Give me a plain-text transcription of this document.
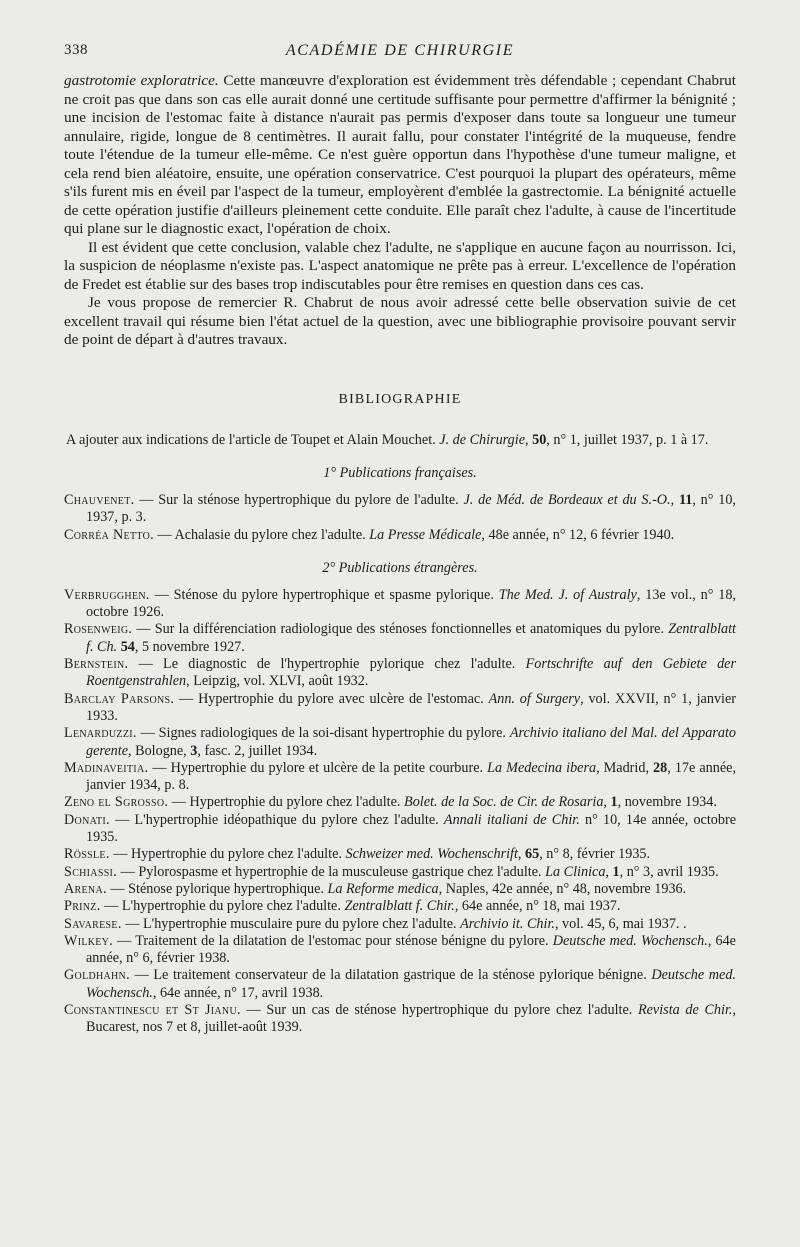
338	ACADÉMIE DE CHIRURGIE

gastrotomie exploratrice. Cette manœuvre d'exploration est évidemment très défendable ; cependant Chabrut ne croit pas que dans son cas elle aurait donné une certitude suffisante pour permettre d'affirmer la bénignité ; une incision de l'estomac faite à distance n'aurait pas permis d'exposer dans toute sa longueur une tumeur annulaire, rigide, longue de 8 centimètres. Il aurait fallu, pour constater l'intégrité de la muqueuse, fendre toute l'étendue de la tumeur elle-même. Ce n'est guère opportun dans l'hypothèse d'une tumeur maligne, et cela rend bien aléatoire, ensuite, une opération conservatrice. C'est pourquoi la plupart des opérateurs, même s'ils furent mis en éveil par l'aspect de la tumeur, employèrent d'emblée la gastrectomie. La bénignité actuelle de cette opération justifie d'ailleurs pleinement cette conduite. Elle paraît chez l'adulte, à cause de l'incertitude qui plane sur le diagnostic exact, l'opération de choix.

Il est évident que cette conclusion, valable chez l'adulte, ne s'applique en aucune façon au nourrisson. Ici, la suspicion de néoplasme n'existe pas. L'aspect anatomique ne prête pas à erreur. L'excellence de l'opération de Fredet est établie sur des bases trop indiscutables pour être remises en question dans ces cas.

Je vous propose de remercier R. Chabrut de nous avoir adressé cette belle observation suivie de cet excellent travail qui résume bien l'état actuel de la question, avec une bibliographie provisoire pouvant servir de point de départ à d'autres travaux.

BIBLIOGRAPHIE

A ajouter aux indications de l'article de Toupet et Alain Mouchet. J. de Chirurgie, 50, n° 1, juillet 1937, p. 1 à 17.

1° Publications françaises.

Chauvenet. — Sur la sténose hypertrophique du pylore de l'adulte. J. de Méd. de Bordeaux et du S.-O., 11, n° 10, 1937, p. 3.

Corréa Netto. — Achalasie du pylore chez l'adulte. La Presse Médicale, 48e année, n° 12, 6 février 1940.

2° Publications étrangères.

Verbrugghen. — Sténose du pylore hypertrophique et spasme pylorique. The Med. J. of Australy, 13e vol., n° 18, octobre 1926.

Rosenweig. — Sur la différenciation radiologique des sténoses fonctionnelles et anatomiques du pylore. Zentralblatt f. Ch. 54, 5 novembre 1927.

Bernstein. — Le diagnostic de l'hypertrophie pylorique chez l'adulte. Fortschrifte auf den Gebiete der Roentgenstrahlen, Leipzig, vol. XLVI, août 1932.

Barclay Parsons. — Hypertrophie du pylore avec ulcère de l'estomac. Ann. of Surgery, vol. XXVII, n° 1, janvier 1933.

Lenarduzzi. — Signes radiologiques de la soi-disant hypertrophie du pylore. Archivio italiano del Mal. del Apparato gerente, Bologne, 3, fasc. 2, juillet 1934.

Madinaveitia. — Hypertrophie du pylore et ulcère de la petite courbure. La Medecina ibera, Madrid, 28, 17e année, janvier 1934, p. 8.

Zeno el Sgrosso. — Hypertrophie du pylore chez l'adulte. Bolet. de la Soc. de Cir. de Rosaria, 1, novembre 1934.

Donati. — L'hypertrophie idéopathique du pylore chez l'adulte. Annali italiani de Chir. n° 10, 14e année, octobre 1935.

Rössle. — Hypertrophie du pylore chez l'adulte. Schweizer med. Wochenschrift, 65, n° 8, février 1935.

Schiassi. — Pylorospasme et hypertrophie de la musculeuse gastrique chez l'adulte. La Clinica, 1, n° 3, avril 1935.

Arena. — Sténose pylorique hypertrophique. La Reforme medica, Naples, 42e année, n° 48, novembre 1936.

Prinz. — L'hypertrophie du pylore chez l'adulte. Zentralblatt f. Chir., 64e année, n° 18, mai 1937.

Savarese. — L'hypertrophie musculaire pure du pylore chez l'adulte. Archivio it. Chir., vol. 45, 6, mai 1937. .

Wilkey. — Traitement de la dilatation de l'estomac pour sténose bénigne du pylore. Deutsche med. Wochensch., 64e année, n° 6, février 1938.

Goldhahn. — Le traitement conservateur de la dilatation gastrique de la sténose pylorique bénigne. Deutsche med. Wochensch., 64e année, n° 17, avril 1938.

Constantinescu et St Jianu. — Sur un cas de sténose hypertrophique du pylore chez l'adulte. Revista de Chir., Bucarest, nos 7 et 8, juillet-août 1939.
